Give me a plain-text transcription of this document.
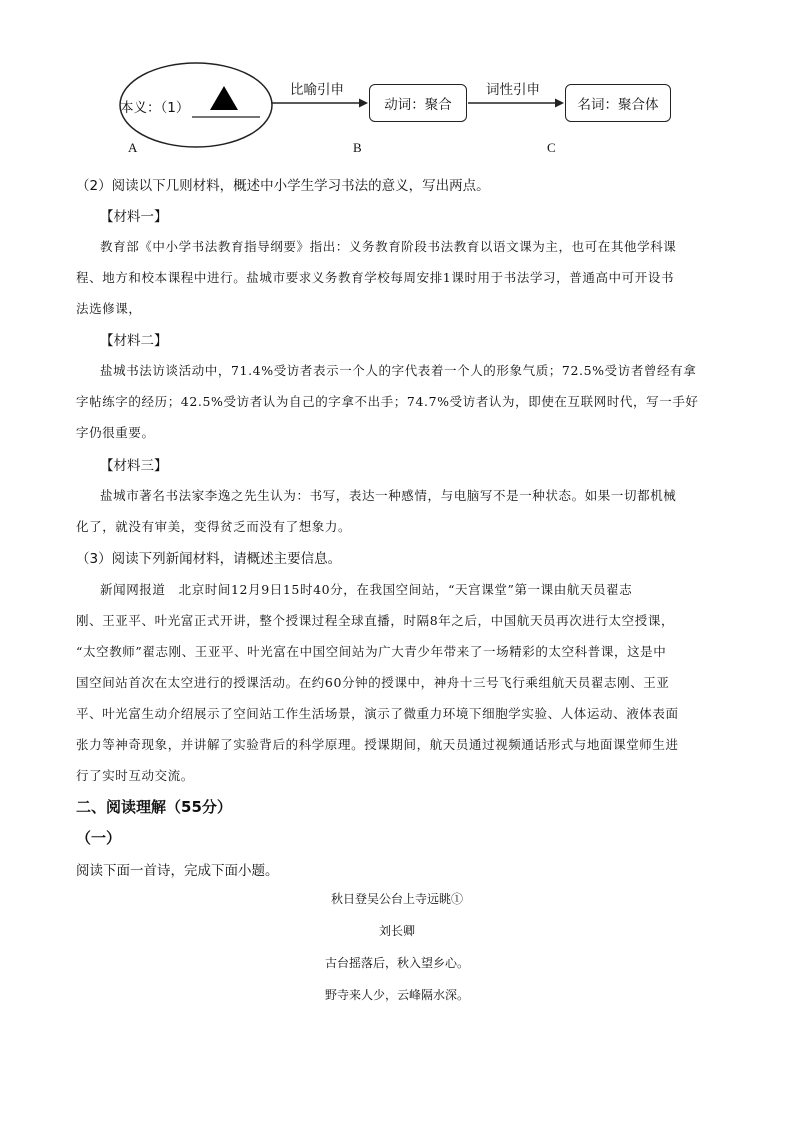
本义：（1）
比喻引申
动词：聚合
词性引申
名词：聚合体
A	B	C
（2）阅读以下几则材料，概述中小学生学习书法的意义，写出两点。
【材料一】
教育部《中小学书法教育指导纲要》指出：义务教育阶段书法教育以语文课为主，也可在其他学科课
程、地方和校本课程中进行。盐城市要求义务教育学校每周安排1课时用于书法学习，普通高中可开设书
法选修课，
【材料二】
盐城书法访谈活动中，71.4%受访者表示一个人的字代表着一个人的形象气质；72.5%受访者曾经有拿
字帖练字的经历；42.5%受访者认为自己的字拿不出手；74.7%受访者认为，即使在互联网时代，写一手好
字仍很重要。
【材料三】
盐城市著名书法家李逸之先生认为：书写，表达一种感情，与电脑写不是一种状态。如果一切都机械
化了，就没有审美，变得贫乏而没有了想象力。
（3）阅读下列新闻材料，请概述主要信息。
新闻网报道　北京时间12月9日15时40分，在我国空间站，“天宫课堂”第一课由航天员翟志
刚、王亚平、叶光富正式开讲，整个授课过程全球直播，时隔8年之后，中国航天员再次进行太空授课，
“太空教师”翟志刚、王亚平、叶光富在中国空间站为广大青少年带来了一场精彩的太空科普课，这是中
国空间站首次在太空进行的授课活动。在约60分钟的授课中，神舟十三号飞行乘组航天员翟志刚、王亚
平、叶光富生动介绍展示了空间站工作生活场景，演示了微重力环境下细胞学实验、人体运动、液体表面
张力等神奇现象，并讲解了实验背后的科学原理。授课期间，航天员通过视频通话形式与地面课堂师生进
行了实时互动交流。
二、阅读理解（55分）
（一）
阅读下面一首诗，完成下面小题。
秋日登吴公台上寺远眺①
刘长卿
古台摇落后，秋入望乡心。
野寺来人少，云峰隔水深。
